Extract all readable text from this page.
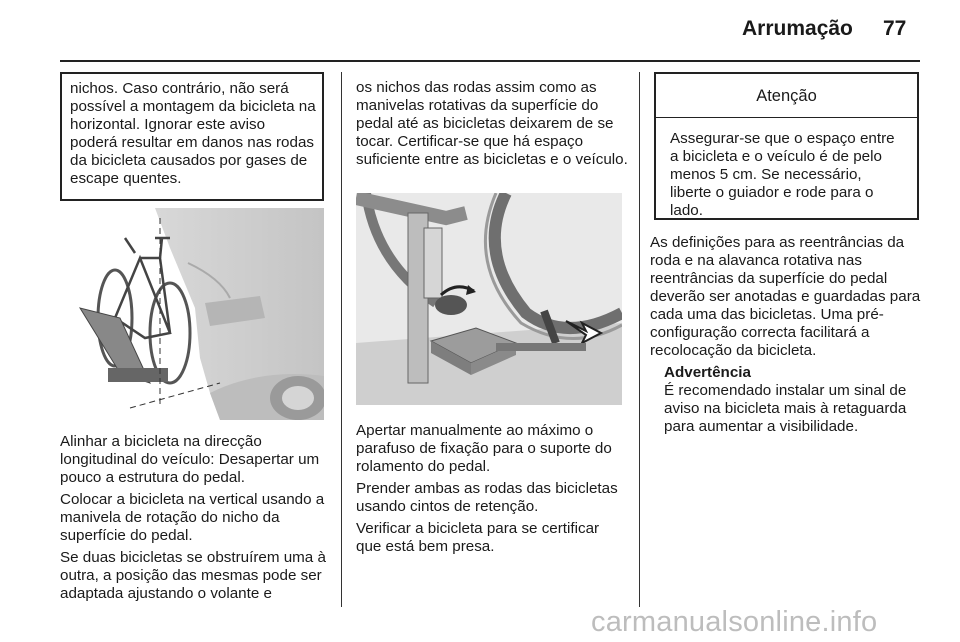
Arrumação 77
nichos. Caso contrário, não será possível a montagem da bicicleta na horizontal. Ignorar este aviso poderá resultar em danos nas rodas da bicicleta causados por gases de escape quentes.

Alinhar a bicicleta na direcção longitudinal do veículo: Desapertar um pouco a estrutura do pedal.

Colocar a bicicleta na vertical usando a manivela de rotação do nicho da superfície do pedal.

Se duas bicicletas se obstruírem uma à outra, a posição das mesmas pode ser adaptada ajustando o volante e

os nichos das rodas assim como as manivelas rotativas da superfície do pedal até as bicicletas deixarem de se tocar. Certificar-se que há espaço suficiente entre as bicicletas e o veículo.

Apertar manualmente ao máximo o parafuso de fixação para o suporte do rolamento do pedal.

Prender ambas as rodas das bicicletas usando cintos de retenção.

Verificar a bicicleta para se certificar que está bem presa.

Atenção
Assegurar-se que o espaço entre a bicicleta e o veículo é de pelo menos 5 cm. Se necessário, liberte o guiador e rode para o lado.

As definições para as reentrâncias da roda e na alavanca rotativa nas reentrâncias da superfície do pedal deverão ser anotadas e guardadas para cada uma das bicicletas. Uma pré-configuração correcta facilitará a recolocação da bicicleta.

Advertência
É recomendado instalar um sinal de aviso na bicicleta mais à retaguarda para aumentar a visibilidade.
carmanualsonline.info
